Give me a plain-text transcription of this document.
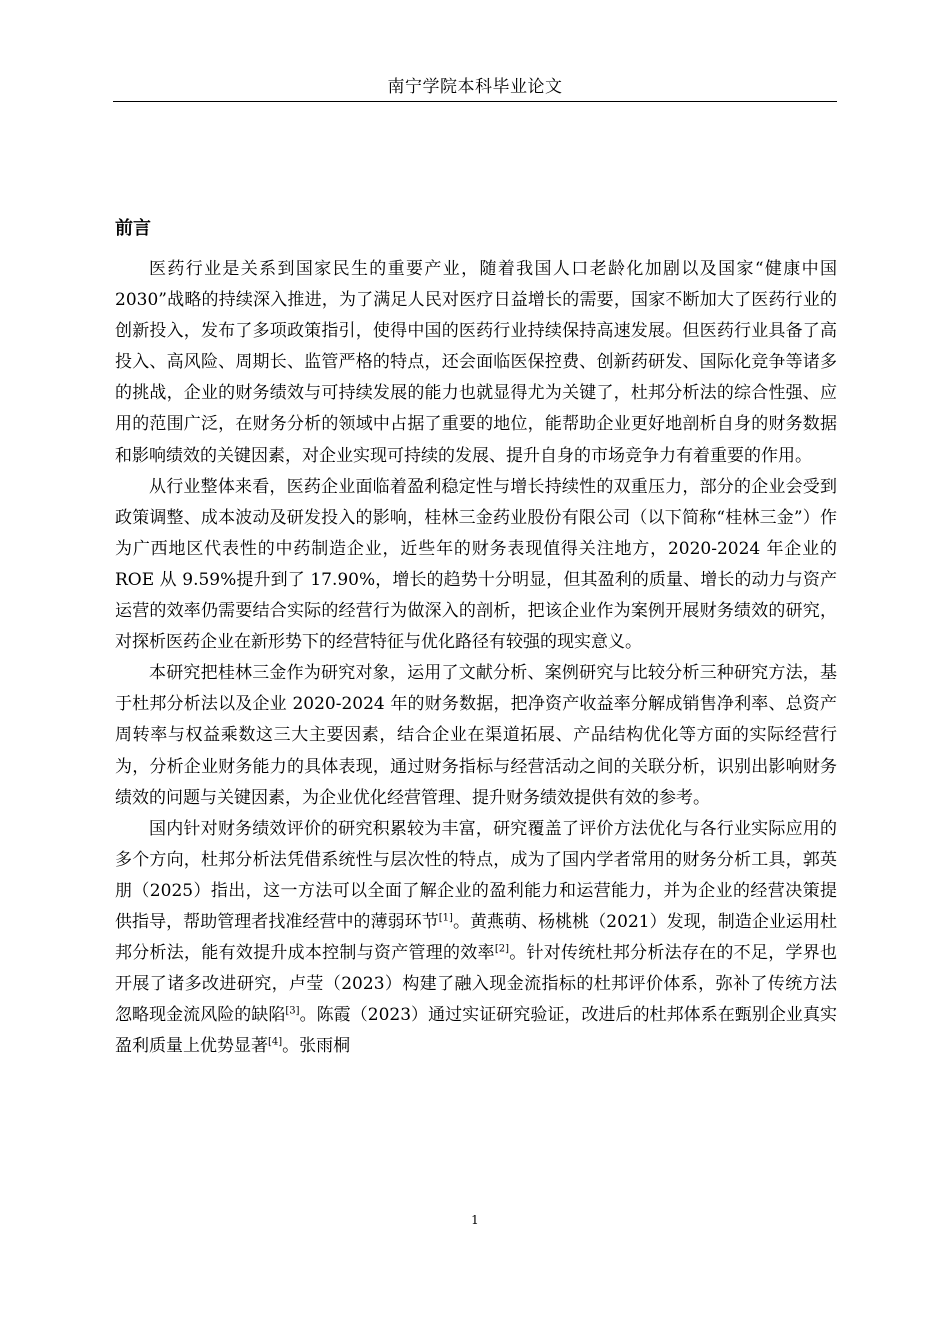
南宁学院本科毕业论文
前言

医药行业是关系到国家民生的重要产业，随着我国人口老龄化加剧以及国家“健康中国 2030”战略的持续深入推进，为了满足人民对医疗日益增长的需要，国家不断加大了医药行业的创新投入，发布了多项政策指引，使得中国的医药行业持续保持高速发展。但医药行业具备了高投入、高风险、周期长、监管严格的特点，还会面临医保控费、创新药研发、国际化竞争等诸多的挑战，企业的财务绩效与可持续发展的能力也就显得尤为关键了，杜邦分析法的综合性强、应用的范围广泛，在财务分析的领域中占据了重要的地位，能帮助企业更好地剖析自身的财务数据和影响绩效的关键因素，对企业实现可持续的发展、提升自身的市场竞争力有着重要的作用。

从行业整体来看，医药企业面临着盈利稳定性与增长持续性的双重压力，部分的企业会受到政策调整、成本波动及研发投入的影响，桂林三金药业股份有限公司（以下简称“桂林三金”）作为广西地区代表性的中药制造企业，近些年的财务表现值得关注地方，2020-2024 年企业的 ROE 从 9.59%提升到了 17.90%，增长的趋势十分明显，但其盈利的质量、增长的动力与资产运营的效率仍需要结合实际的经营行为做深入的剖析，把该企业作为案例开展财务绩效的研究，对探析医药企业在新形势下的经营特征与优化路径有较强的现实意义。

本研究把桂林三金作为研究对象，运用了文献分析、案例研究与比较分析三种研究方法，基于杜邦分析法以及企业 2020-2024 年的财务数据，把净资产收益率分解成销售净利率、总资产周转率与权益乘数这三大主要因素，结合企业在渠道拓展、产品结构优化等方面的实际经营行为，分析企业财务能力的具体表现，通过财务指标与经营活动之间的关联分析，识别出影响财务绩效的问题与关键因素，为企业优化经营管理、提升财务绩效提供有效的参考。

国内针对财务绩效评价的研究积累较为丰富，研究覆盖了评价方法优化与各行业实际应用的多个方向，杜邦分析法凭借系统性与层次性的特点，成为了国内学者常用的财务分析工具，郭英朋（2025）指出，这一方法可以全面了解企业的盈利能力和运营能力，并为企业的经营决策提供指导，帮助管理者找准经营中的薄弱环节[1]。黄燕萌、杨桃桃（2021）发现，制造企业运用杜邦分析法，能有效提升成本控制与资产管理的效率[2]。针对传统杜邦分析法存在的不足，学界也开展了诸多改进研究，卢莹（2023）构建了融入现金流指标的杜邦评价体系，弥补了传统方法忽略现金流风险的缺陷[3]。陈霞（2023）通过实证研究验证，改进后的杜邦体系在甄别企业真实盈利质量上优势显著[4]。张雨桐

1
